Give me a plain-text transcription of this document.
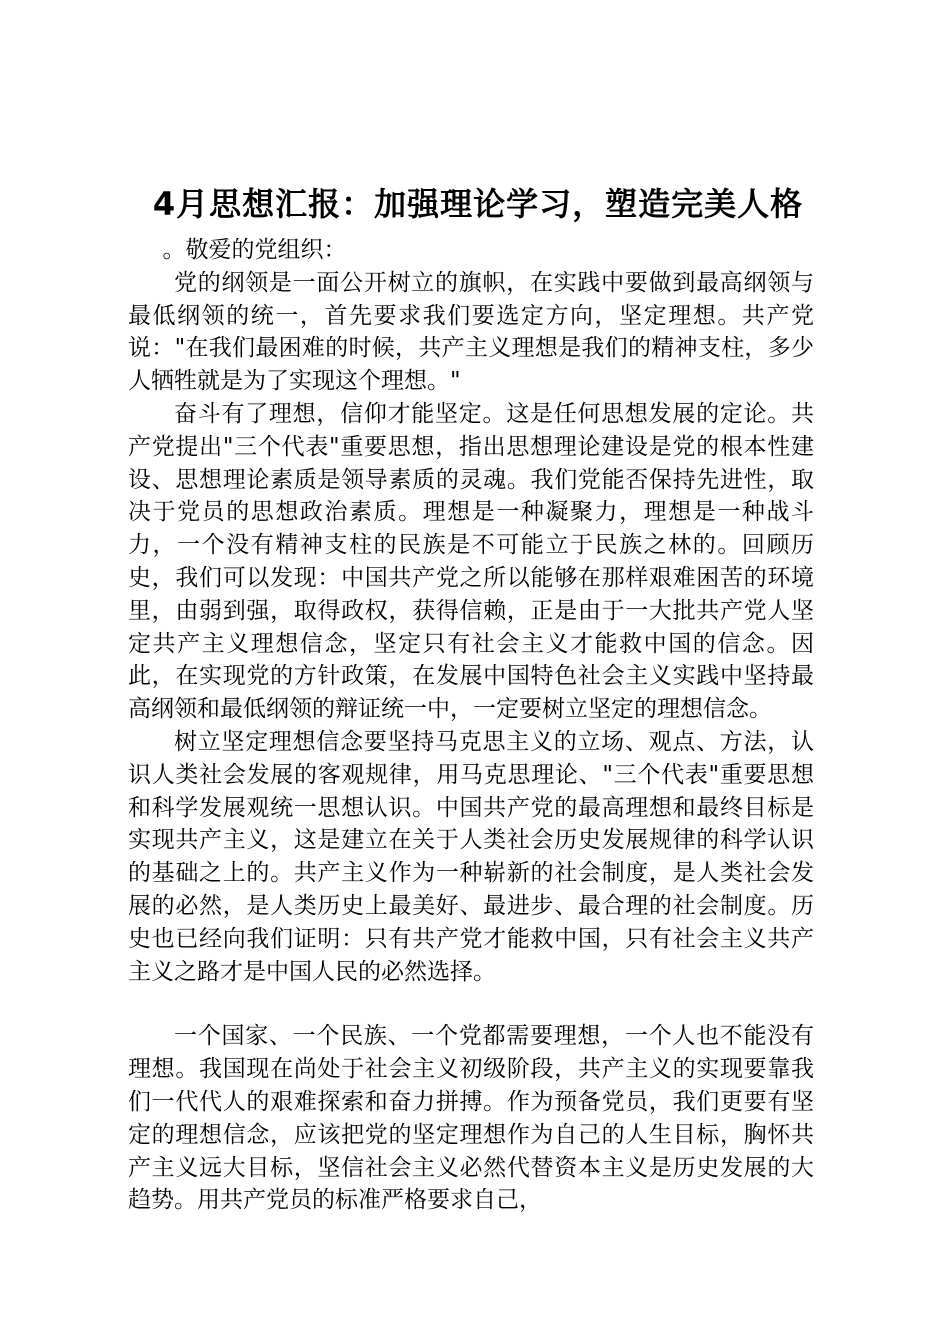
4月思想汇报：加强理论学习，塑造完美人格

。敬爱的党组织：

党的纲领是一面公开树立的旗帜，在实践中要做到最高纲领与最低纲领的统一，首先要求我们要选定方向，坚定理想。共产党说："在我们最困难的时候，共产主义理想是我们的精神支柱，多少人牺牲就是为了实现这个理想。"

奋斗有了理想，信仰才能坚定。这是任何思想发展的定论。共产党提出"三个代表"重要思想，指出思想理论建设是党的根本性建设、思想理论素质是领导素质的灵魂。我们党能否保持先进性，取决于党员的思想政治素质。理想是一种凝聚力，理想是一种战斗力，一个没有精神支柱的民族是不可能立于民族之林的。回顾历史，我们可以发现：中国共产党之所以能够在那样艰难困苦的环境里，由弱到强，取得政权，获得信赖，正是由于一大批共产党人坚定共产主义理想信念，坚定只有社会主义才能救中国的信念。因此，在实现党的方针政策，在发展中国特色社会主义实践中坚持最高纲领和最低纲领的辩证统一中，一定要树立坚定的理想信念。

树立坚定理想信念要坚持马克思主义的立场、观点、方法，认识人类社会发展的客观规律，用马克思理论、"三个代表"重要思想和科学发展观统一思想认识。中国共产党的最高理想和最终目标是实现共产主义，这是建立在关于人类社会历史发展规律的科学认识的基础之上的。共产主义作为一种崭新的社会制度，是人类社会发展的必然，是人类历史上最美好、最进步、最合理的社会制度。历史也已经向我们证明：只有共产党才能救中国，只有社会主义共产主义之路才是中国人民的必然选择。

一个国家、一个民族、一个党都需要理想，一个人也不能没有理想。我国现在尚处于社会主义初级阶段，共产主义的实现要靠我们一代代人的艰难探索和奋力拼搏。作为预备党员，我们更要有坚定的理想信念，应该把党的坚定理想作为自己的人生目标，胸怀共产主义远大目标，坚信社会主义必然代替资本主义是历史发展的大趋势。用共产党员的标准严格要求自己，
